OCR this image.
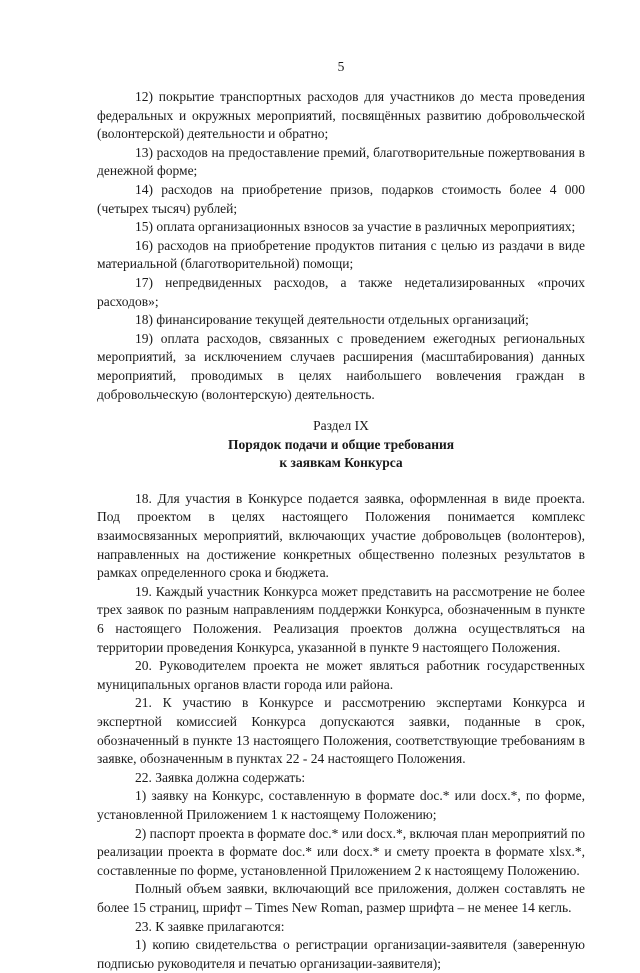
5

12) покрытие транспортных расходов для участников до места проведения федеральных и окружных мероприятий, посвящённых развитию добровольческой (волонтерской) деятельности и обратно;

13) расходов на предоставление премий, благотворительные пожертвования в денежной форме;

14) расходов на приобретение призов, подарков стоимость более 4 000 (четырех тысяч) рублей;

15) оплата организационных взносов за участие в различных мероприятиях;

16) расходов на приобретение продуктов питания с целью из раздачи в виде материальной (благотворительной) помощи;

17) непредвиденных расходов, а также недетализированных «прочих расходов»;

18) финансирование текущей деятельности отдельных организаций;

19) оплата расходов, связанных с проведением ежегодных региональных мероприятий, за исключением случаев расширения (масштабирования) данных мероприятий, проводимых в целях наибольшего вовлечения граждан в добровольческую (волонтерскую) деятельность.

Раздел IX
Порядок подачи и общие требования
к заявкам Конкурса

18. Для участия в Конкурсе подается заявка, оформленная в виде проекта. Под проектом в целях настоящего Положения понимается комплекс взаимосвязанных мероприятий, включающих участие добровольцев (волонтеров), направленных на достижение конкретных общественно полезных результатов в рамках определенного срока и бюджета.

19. Каждый участник Конкурса может представить на рассмотрение не более трех заявок по разным направлениям поддержки Конкурса, обозначенным в пункте 6 настоящего Положения. Реализация проектов должна осуществляться на территории проведения Конкурса, указанной в пункте 9 настоящего Положения.

20. Руководителем проекта не может являться работник государственных муниципальных органов власти города или района.

21. К участию в Конкурсе и рассмотрению экспертами Конкурса и экспертной комиссией Конкурса допускаются заявки, поданные в срок, обозначенный в пункте 13 настоящего Положения, соответствующие требованиям в заявке, обозначенным в пунктах 22 - 24 настоящего Положения.

22. Заявка должна содержать:

1) заявку на Конкурс, составленную в формате doc.* или docx.*, по форме, установленной Приложением 1 к настоящему Положению;

2) паспорт проекта в формате doc.* или docx.*, включая план мероприятий по реализации проекта в формате doc.* или docx.* и смету проекта в формате xlsx.*, составленные по форме, установленной Приложением 2 к настоящему Положению.

Полный объем заявки, включающий все приложения, должен составлять не более 15 страниц, шрифт – Times New Roman, размер шрифта – не менее 14 кегль.

23. К заявке прилагаются:

1) копию свидетельства о регистрации организации-заявителя (заверенную подписью руководителя и печатью организации-заявителя);
